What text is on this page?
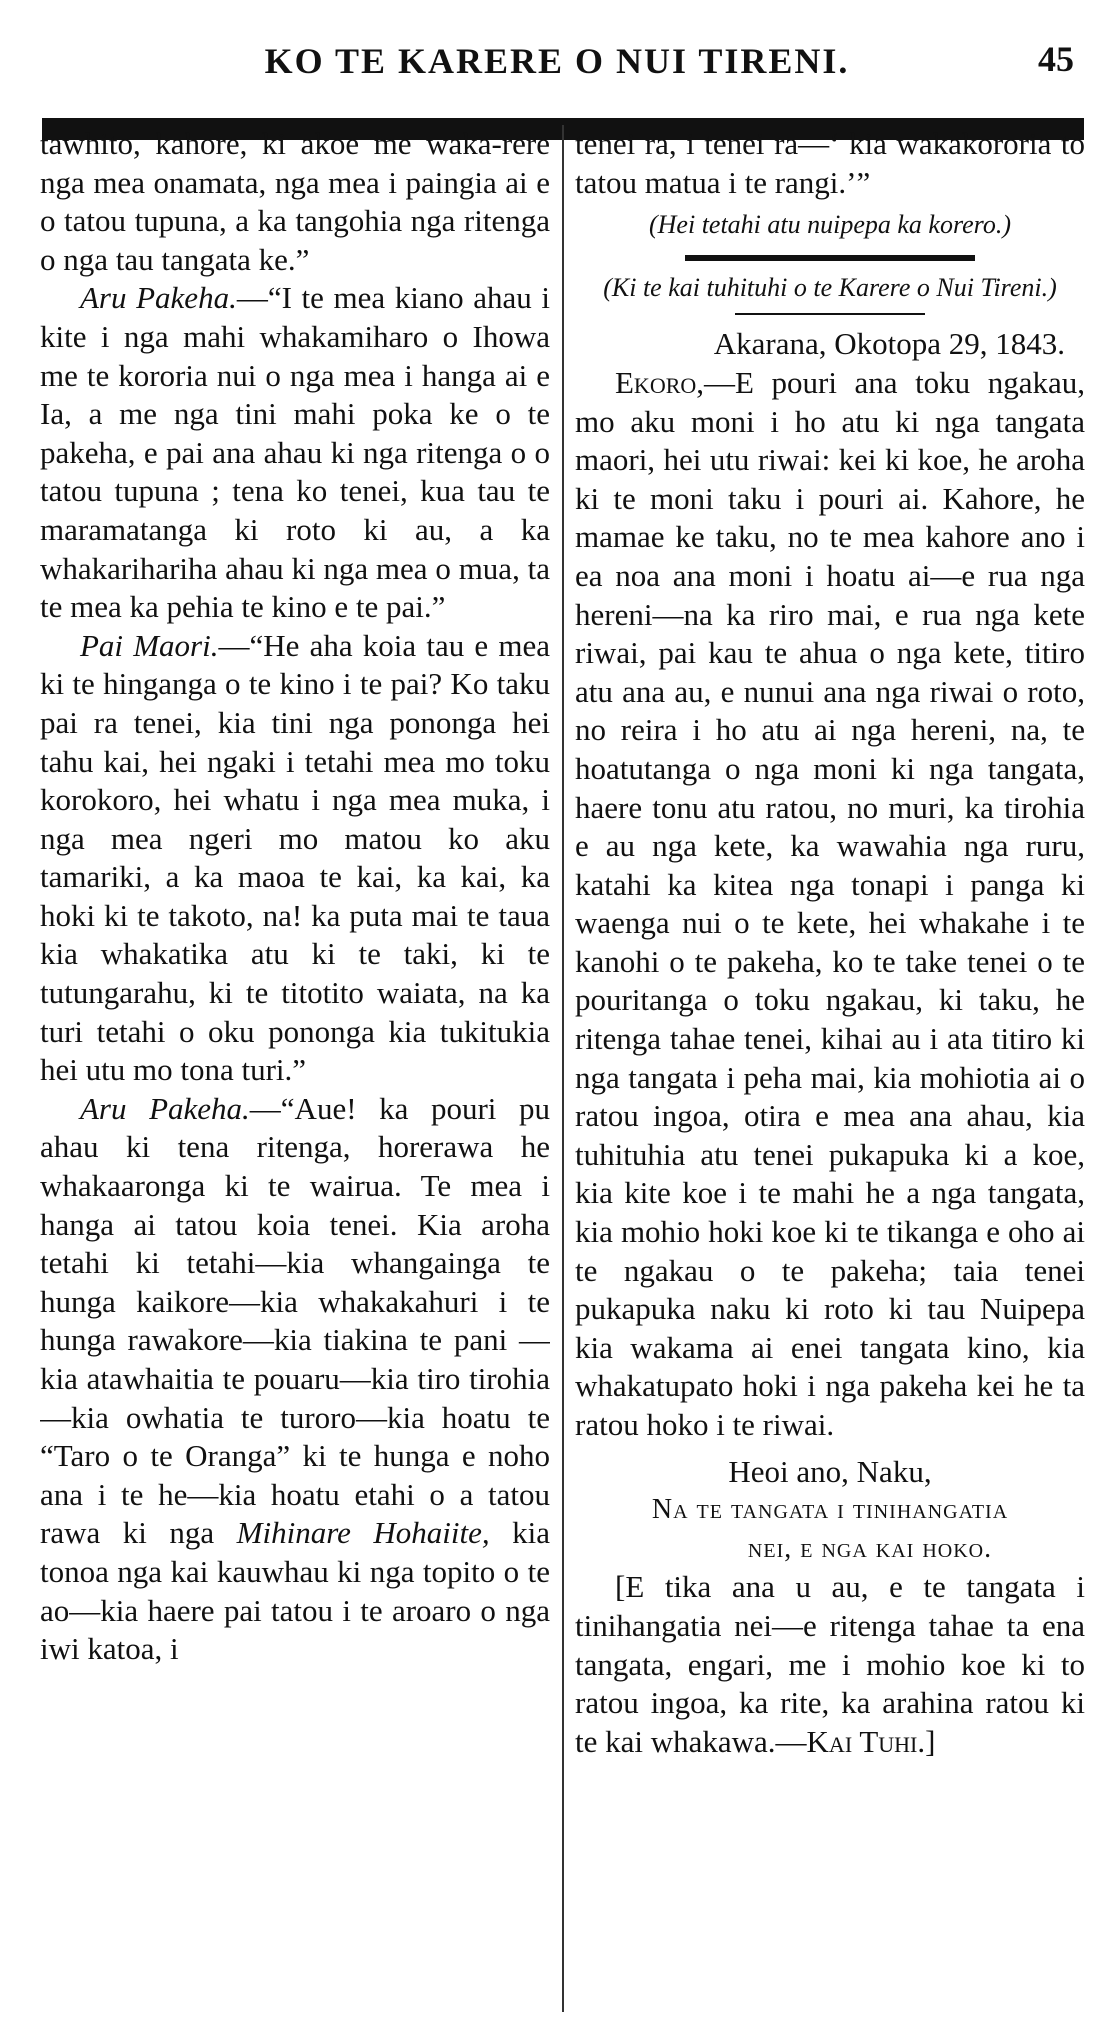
KO TE KARERE O NUI TIRENI.	45

tawhito, kahore, ki akoe me waka-rere nga mea onamata, nga mea i paingia ai e o tatou tupuna, a ka tangohia nga ritenga o nga tau tangata ke.”

Aru Pakeha.—“I te mea kiano ahau i kite i nga mahi whakamiharo o Ihowa me te kororia nui o nga mea i hanga ai e Ia, a me nga tini mahi poka ke o te pakeha, e pai ana ahau ki nga ritenga o o tatou tupuna ; tena ko tenei, kua tau te maramatanga ki roto ki au, a ka whakarihariha ahau ki nga mea o mua, ta te mea ka pehia te kino e te pai.”

Pai Maori.—“He aha koia tau e mea ki te hinganga o te kino i te pai? Ko taku pai ra tenei, kia tini nga pononga hei tahu kai, hei ngaki i tetahi mea mo toku korokoro, hei whatu i nga mea muka, i nga mea ngeri mo matou ko aku tamariki, a ka maoa te kai, ka kai, ka hoki ki te takoto, na! ka puta mai te taua kia whakatika atu ki te taki, ki te tutungarahu, ki te titotito waiata, na ka turi tetahi o oku pononga kia tukitukia hei utu mo tona turi.”

Aru Pakeha.—“Aue! ka pouri pu ahau ki tena ritenga, horerawa he whakaaronga ki te wairua. Te mea i hanga ai tatou koia tenei. Kia aroha tetahi ki tetahi—kia whangainga te hunga kaikore—kia whakakahuri i te hunga rawakore—kia tiakina te pani —kia atawhaitia te pouaru—kia tiro tirohia—kia owhatia te turoro—kia hoatu te “Taro o te Oranga” ki te hunga e noho ana i te he—kia hoatu etahi o a tatou rawa ki nga Mihinare Hohaiite, kia tonoa nga kai kauwhau ki nga topito o te ao—kia haere pai tatou i te aroaro o nga iwi katoa, i

tenei ra, i tenei ra—‘ kia wakakororia to tatou matua i te rangi.’”

(Hei tetahi atu nuipepa ka korero.)
(Ki te kai tuhituhi o te Karere o Nui Tireni.)
Akarana, Okotopa 29, 1843.

Ekoro,—E pouri ana toku ngakau, mo aku moni i ho atu ki nga tangata maori, hei utu riwai: kei ki koe, he aroha ki te moni taku i pouri ai. Kahore, he mamae ke taku, no te mea kahore ano i ea noa ana moni i hoatu ai—e rua nga hereni—na ka riro mai, e rua nga kete riwai, pai kau te ahua o nga kete, titiro atu ana au, e nunui ana nga riwai o roto, no reira i ho atu ai nga hereni, na, te hoatutanga o nga moni ki nga tangata, haere tonu atu ratou, no muri, ka tirohia e au nga kete, ka wawahia nga ruru, katahi ka kitea nga tonapi i panga ki waenga nui o te kete, hei whakahe i te kanohi o te pakeha, ko te take tenei o te pouritanga o toku ngakau, ki taku, he ritenga tahae tenei, kihai au i ata titiro ki nga tangata i peha mai, kia mohiotia ai o ratou ingoa, otira e mea ana ahau, kia tuhituhia atu tenei pukapuka ki a koe, kia kite koe i te mahi he a nga tangata, kia mohio hoki koe ki te tikanga e oho ai te ngakau o te pakeha; taia tenei pukapuka naku ki roto ki tau Nuipepa kia wakama ai enei tangata kino, kia whakatupato hoki i nga pakeha kei he ta ratou hoko i te riwai.

Heoi ano, Naku,
Na te tangata i tinihangatia
nei, e nga kai hoko.

[E tika ana u au, e te tangata i tinihangatia nei—e ritenga tahae ta ena tangata, engari, me i mohio koe ki to ratou ingoa, ka rite, ka arahina ratou ki te kai whakawa.—Kai Tuhi.]
